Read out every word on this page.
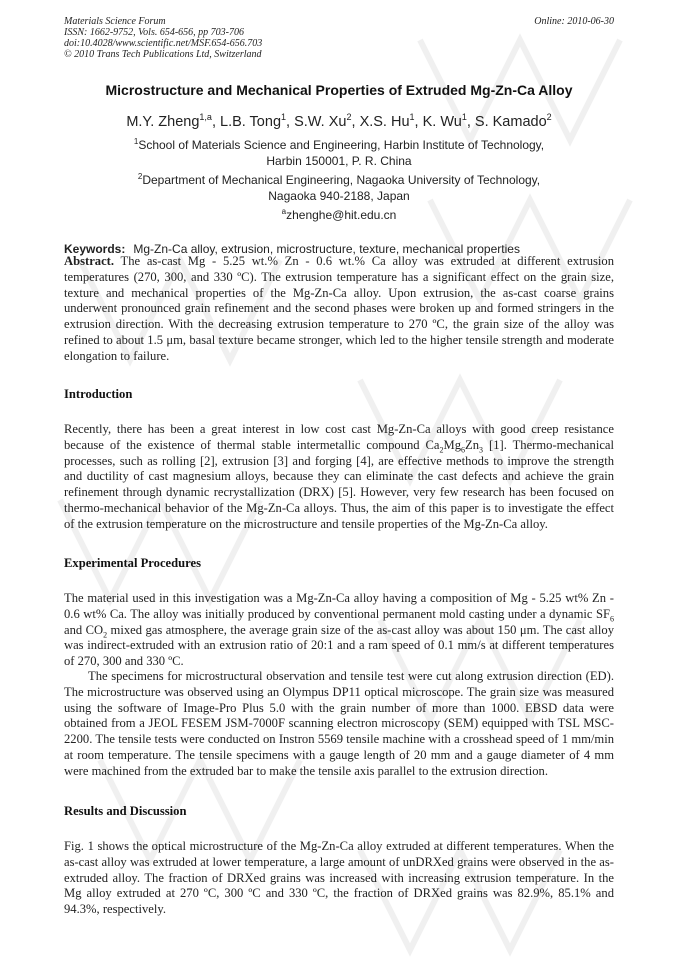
Materials Science Forum
ISSN: 1662-9752, Vols. 654-656, pp 703-706
doi:10.4028/www.scientific.net/MSF.654-656.703
© 2010 Trans Tech Publications Ltd, Switzerland
Online: 2010-06-30
Microstructure and Mechanical Properties of Extruded Mg-Zn-Ca Alloy
M.Y. Zheng$^{1,a}$, L.B. Tong$^1$, S.W. Xu$^2$, X.S. Hu$^1$, K. Wu$^1$, S. Kamado$^2$
$^1$School of Materials Science and Engineering, Harbin Institute of Technology,
Harbin 150001, P. R. China
$^2$Department of Mechanical Engineering, Nagaoka University of Technology,
Nagaoka 940-2188, Japan
$^a$zhenghe@hit.edu.cn
Keywords: Mg-Zn-Ca alloy, extrusion, microstructure, texture, mechanical properties
Abstract. The as-cast Mg - 5.25 wt.% Zn - 0.6 wt.% Ca alloy was extruded at different extrusion temperatures (270, 300, and 330 ºC). The extrusion temperature has a significant effect on the grain size, texture and mechanical properties of the Mg-Zn-Ca alloy. Upon extrusion, the as-cast coarse grains underwent pronounced grain refinement and the second phases were broken up and formed stringers in the extrusion direction. With the decreasing extrusion temperature to 270 ºC, the grain size of the alloy was refined to about 1.5 μm, basal texture became stronger, which led to the higher tensile strength and moderate elongation to failure.
Introduction
Recently, there has been a great interest in low cost cast Mg-Zn-Ca alloys with good creep resistance because of the existence of thermal stable intermetallic compound $Ca_2Mg_6Zn_3$ [1]. Thermo-mechanical processes, such as rolling [2], extrusion [3] and forging [4], are effective methods to improve the strength and ductility of cast magnesium alloys, because they can eliminate the cast defects and achieve the grain refinement through dynamic recrystallization (DRX) [5]. However, very few research has been focused on thermo-mechanical behavior of the Mg-Zn-Ca alloys. Thus, the aim of this paper is to investigate the effect of the extrusion temperature on the microstructure and tensile properties of the Mg-Zn-Ca alloy.
Experimental Procedures
The material used in this investigation was a Mg-Zn-Ca alloy having a composition of Mg - 5.25 wt% Zn - 0.6 wt% Ca. The alloy was initially produced by conventional permanent mold casting under a dynamic $SF_6$ and $CO_2$ mixed gas atmosphere, the average grain size of the as-cast alloy was about 150 μm. The cast alloy was indirect-extruded with an extrusion ratio of 20:1 and a ram speed of 0.1 mm/s at different temperatures of 270, 300 and 330 ºC.
The specimens for microstructural observation and tensile test were cut along extrusion direction (ED). The microstructure was observed using an Olympus DP11 optical microscope. The grain size was measured using the software of Image-Pro Plus 5.0 with the grain number of more than 1000. EBSD data were obtained from a JEOL FESEM JSM-7000F scanning electron microscopy (SEM) equipped with TSL MSC-2200. The tensile tests were conducted on Instron 5569 tensile machine with a crosshead speed of 1 mm/min at room temperature. The tensile specimens with a gauge length of 20 mm and a gauge diameter of 4 mm were machined from the extruded bar to make the tensile axis parallel to the extrusion direction.
Results and Discussion
Fig. 1 shows the optical microstructure of the Mg-Zn-Ca alloy extruded at different temperatures. When the as-cast alloy was extruded at lower temperature, a large amount of unDRXed grains were observed in the as-extruded alloy. The fraction of DRXed grains was increased with increasing extrusion temperature. In the Mg alloy extruded at 270 ºC, 300 ºC and 330 ºC, the fraction of DRXed grains was 82.9%, 85.1% and 94.3%, respectively.
